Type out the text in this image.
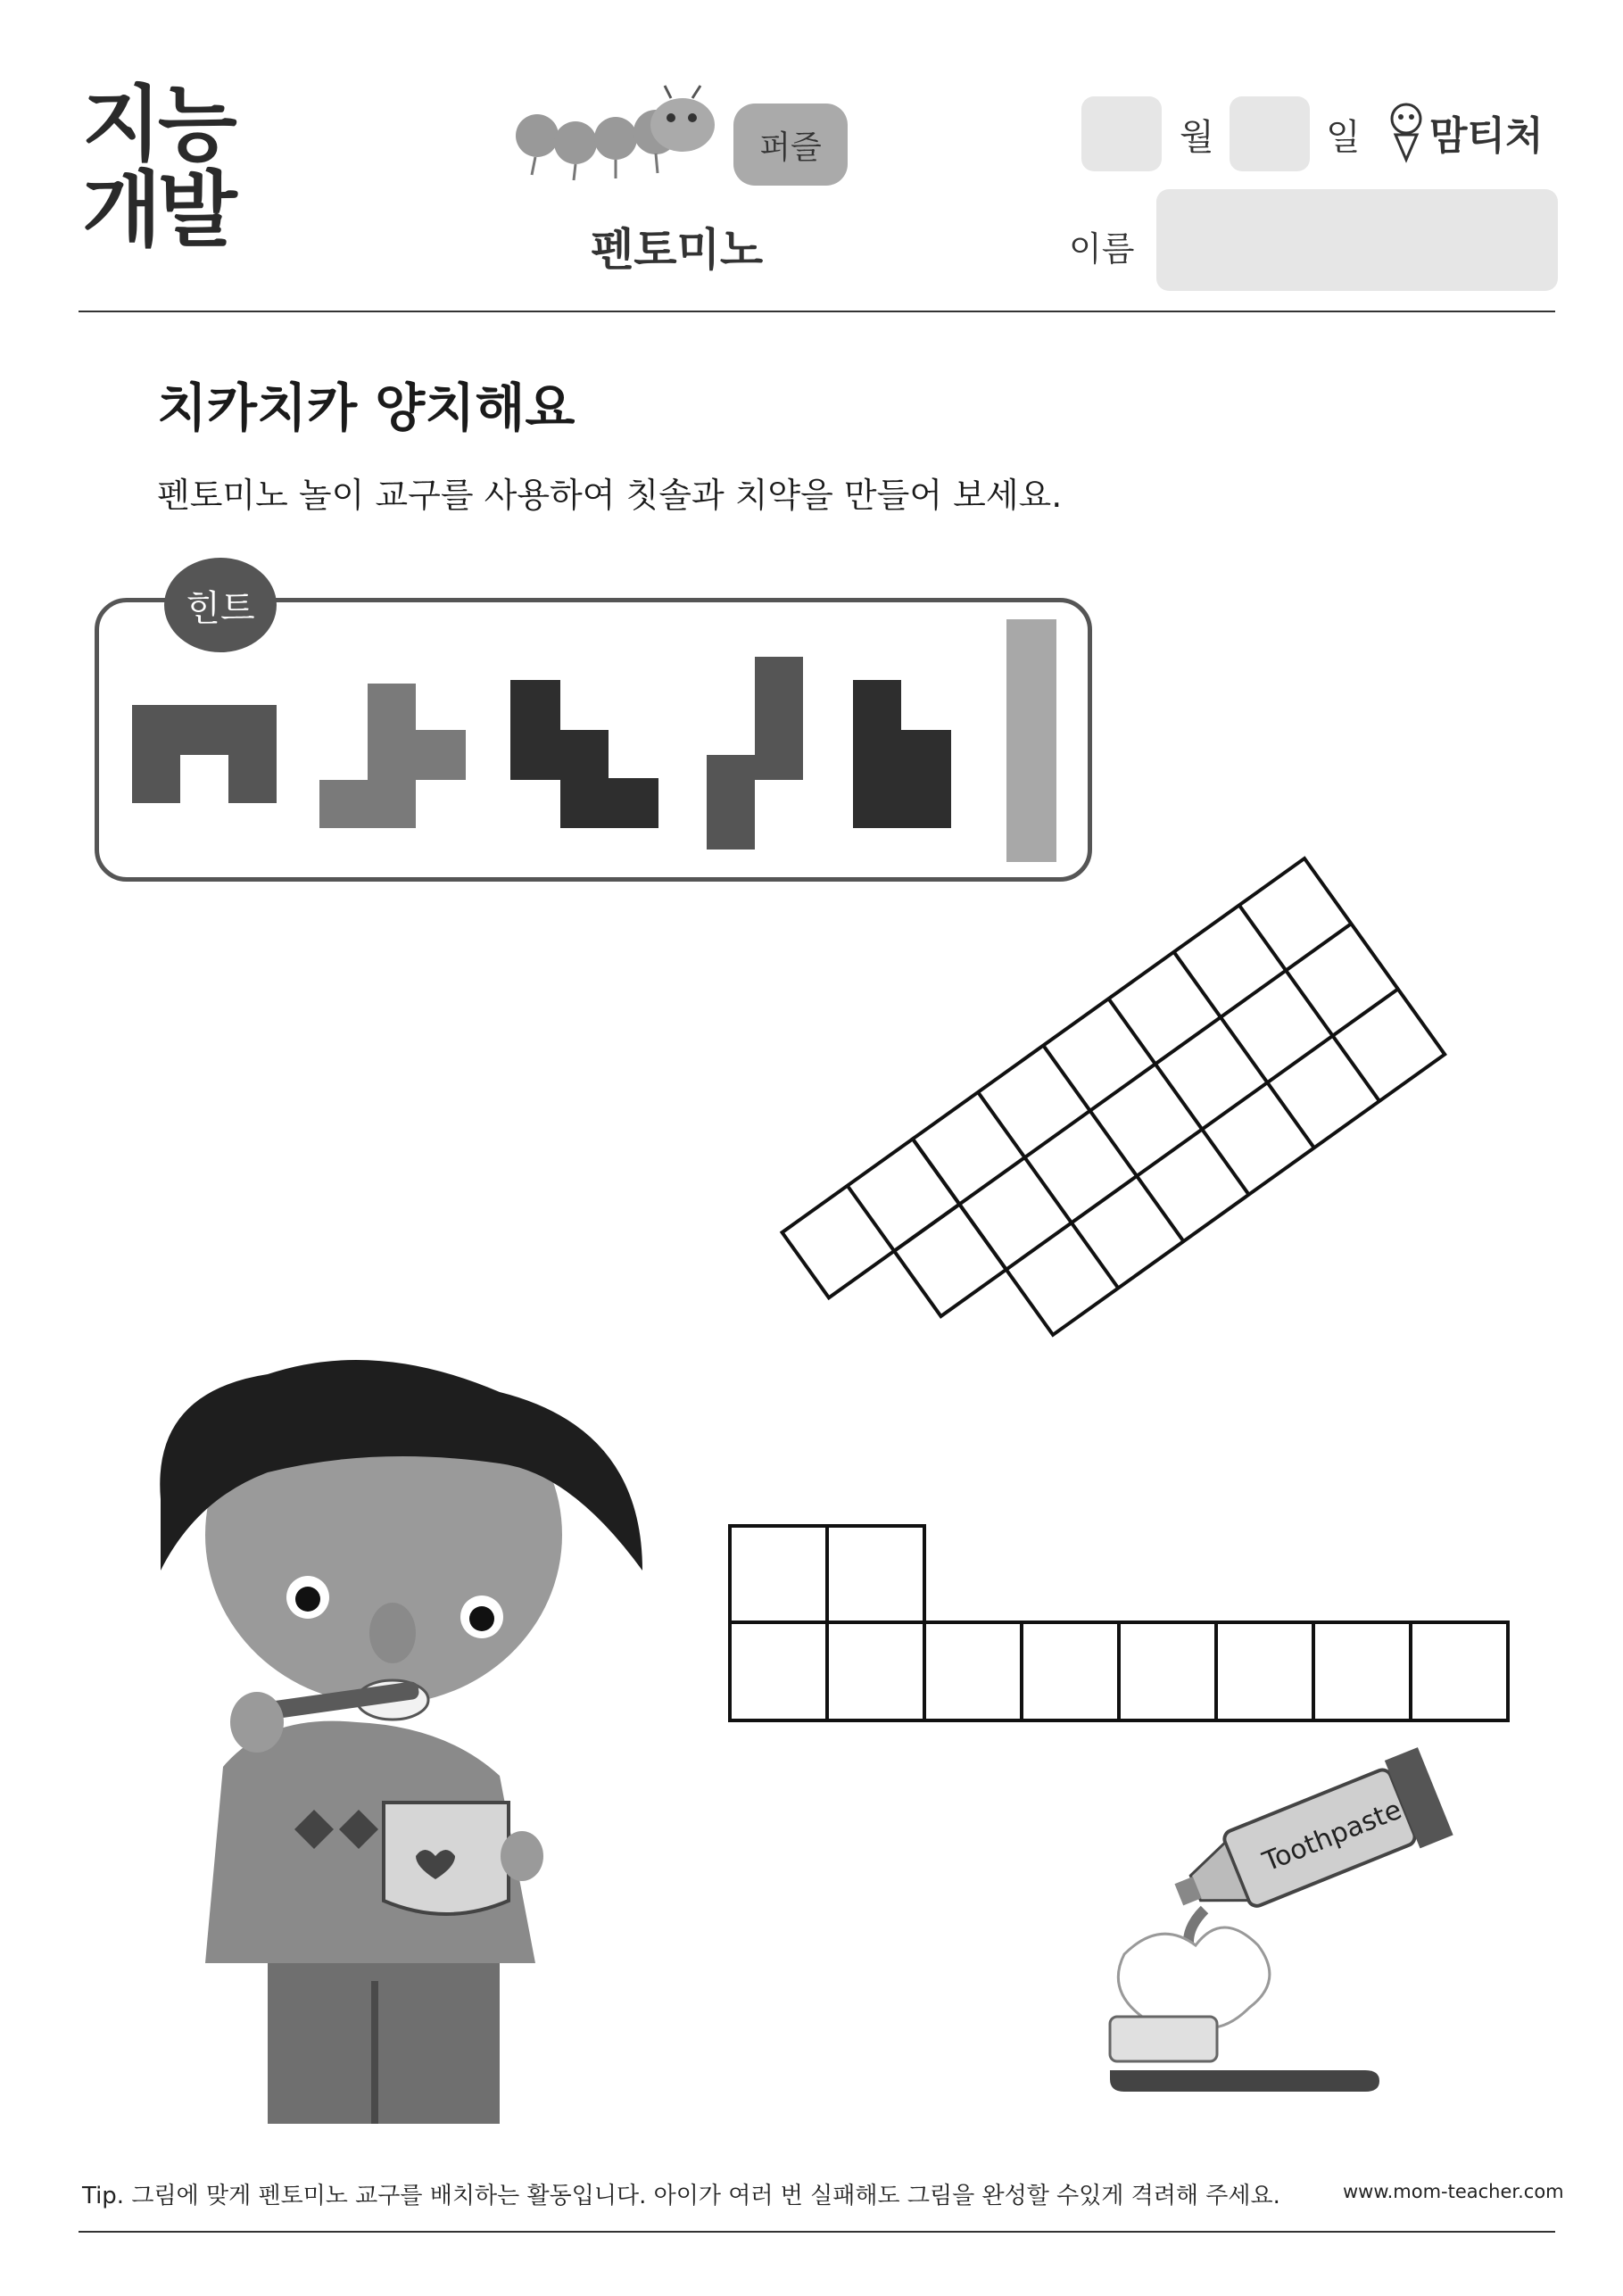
지능개발
퍼즐
펜토미노
월	일 맘티처
이름
치카치카 양치해요
펜토미노 놀이 교구를 사용하여 칫솔과 치약을 만들어 보세요.
힌트
Toothpaste
Tip. 그림에 맞게 펜토미노 교구를 배치하는 활동입니다. 아이가 여러 번 실패해도 그림을 완성할 수있게 격려해 주세요.	www.mom-teacher.com
